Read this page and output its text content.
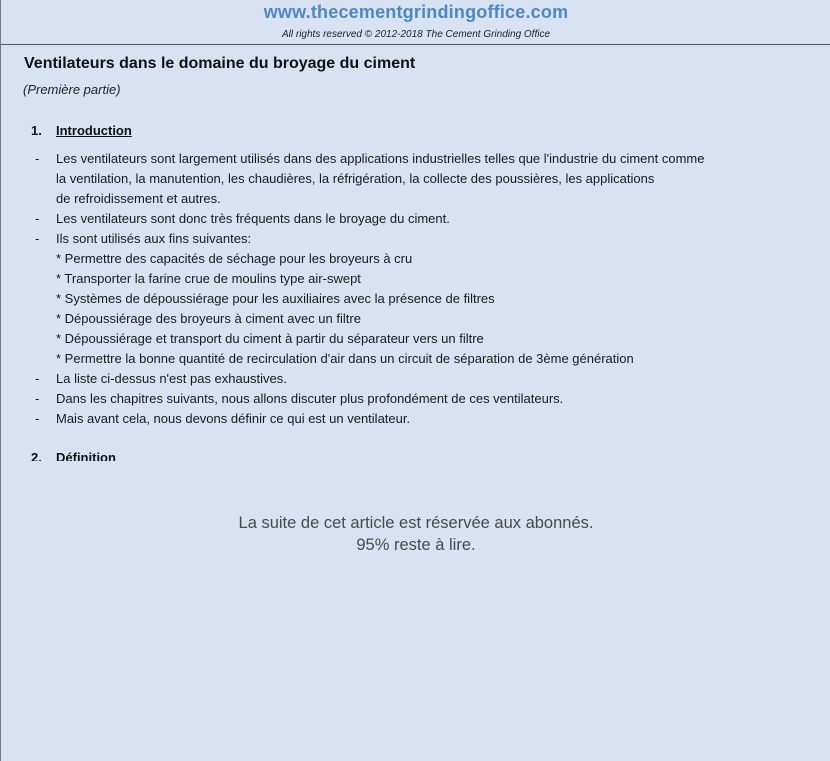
www.thecementgrindingoffice.com
All rights reserved © 2012-2018 The Cement Grinding Office
Ventilateurs dans le domaine du broyage du ciment
(Première partie)
1. Introduction
- Les ventilateurs sont largement utilisés dans des applications industrielles telles que l'industrie du ciment comme
la ventilation, la manutention, les chaudières, la réfrigération, la collecte des poussières, les applications
de refroidissement et autres.
- Les ventilateurs sont donc très fréquents dans le broyage du ciment.
- Ils sont utilisés aux fins suivantes:
* Permettre des capacités de séchage pour les broyeurs à cru
* Transporter la farine crue de moulins type air-swept
* Systèmes de dépoussiérage pour les auxiliaires avec la présence de filtres
* Dépoussiérage des broyeurs à ciment avec un filtre
* Dépoussiérage et transport du ciment à partir du séparateur vers un filtre
* Permettre la bonne quantité de recirculation d'air dans un circuit de séparation de 3ème génération
- La liste ci-dessus n'est pas exhaustives.
- Dans les chapitres suivants, nous allons discuter plus profondément de ces ventilateurs.
- Mais avant cela, nous devons définir ce qui est un ventilateur.
2. Définition
La suite de cet article est réservée aux abonnés.
95% reste à lire.
